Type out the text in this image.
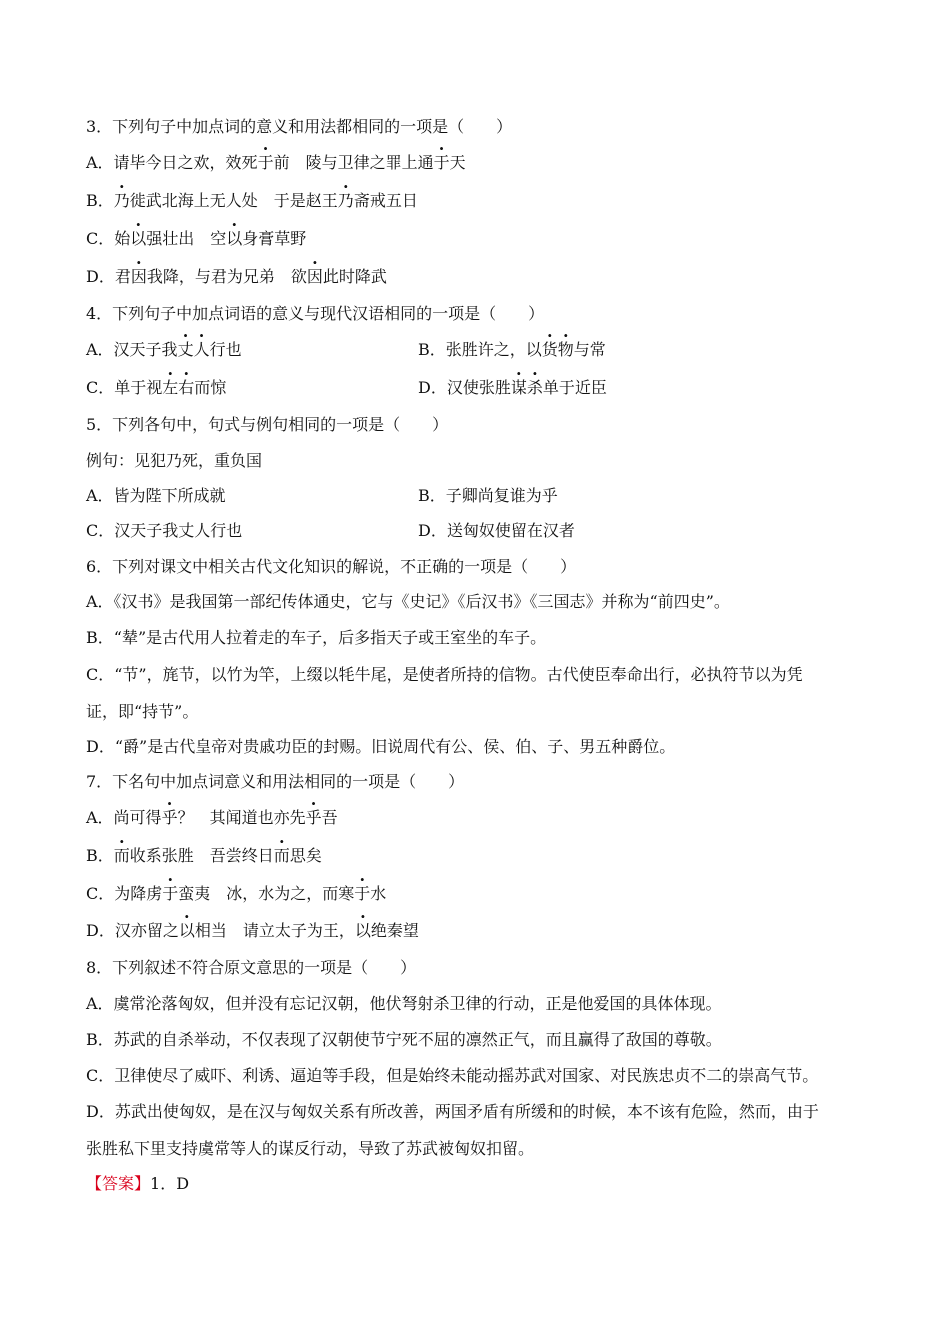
3．下列句子中加点词的意义和用法都相同的一项是（　　）
A．请毕今日之欢，效死于前　陵与卫律之罪上通于天
B．乃徙武北海上无人处　于是赵王乃斋戒五日
C．始以强壮出　空以身膏草野
D．君因我降，与君为兄弟　欲因此时降武
4．下列句子中加点词语的意义与现代汉语相同的一项是（　　）
A．汉天子我丈人行也	B．张胜许之，以货物与常
C．单于视左右而惊	D．汉使张胜谋杀单于近臣
5．下列各句中，句式与例句相同的一项是（　　）
例句：见犯乃死，重负国
A．皆为陛下所成就	B．子卿尚复谁为乎
C．汉天子我丈人行也	D．送匈奴使留在汉者
6．下列对课文中相关古代文化知识的解说，不正确的一项是（　　）
A．《汉书》是我国第一部纪传体通史，它与《史记》《后汉书》《三国志》并称为“前四史”。
B．“辇”是古代用人拉着走的车子，后多指天子或王室坐的车子。
C．“节”，旄节，以竹为竿，上缀以牦牛尾，是使者所持的信物。古代使臣奉命出行，必执符节以为凭
证，即“持节”。
D．“爵”是古代皇帝对贵戚功臣的封赐。旧说周代有公、侯、伯、子、男五种爵位。
7．下名句中加点词意义和用法相同的一项是（　　）
A．尚可得乎？　其闻道也亦先乎吾
B．而收系张胜　吾尝终日而思矣
C．为降虏于蛮夷　冰，水为之，而寒于水
D．汉亦留之以相当　请立太子为王，以绝秦望
8．下列叙述不符合原文意思的一项是（　　）
A．虞常沦落匈奴，但并没有忘记汉朝，他伏弩射杀卫律的行动，正是他爱国的具体体现。
B．苏武的自杀举动，不仅表现了汉朝使节宁死不屈的凛然正气，而且赢得了敌国的尊敬。
C．卫律使尽了威吓、利诱、逼迫等手段，但是始终未能动摇苏武对国家、对民族忠贞不二的崇高气节。
D．苏武出使匈奴，是在汉与匈奴关系有所改善，两国矛盾有所缓和的时候，本不该有危险，然而，由于
张胜私下里支持虞常等人的谋反行动，导致了苏武被匈奴扣留。
【答案】1．D
